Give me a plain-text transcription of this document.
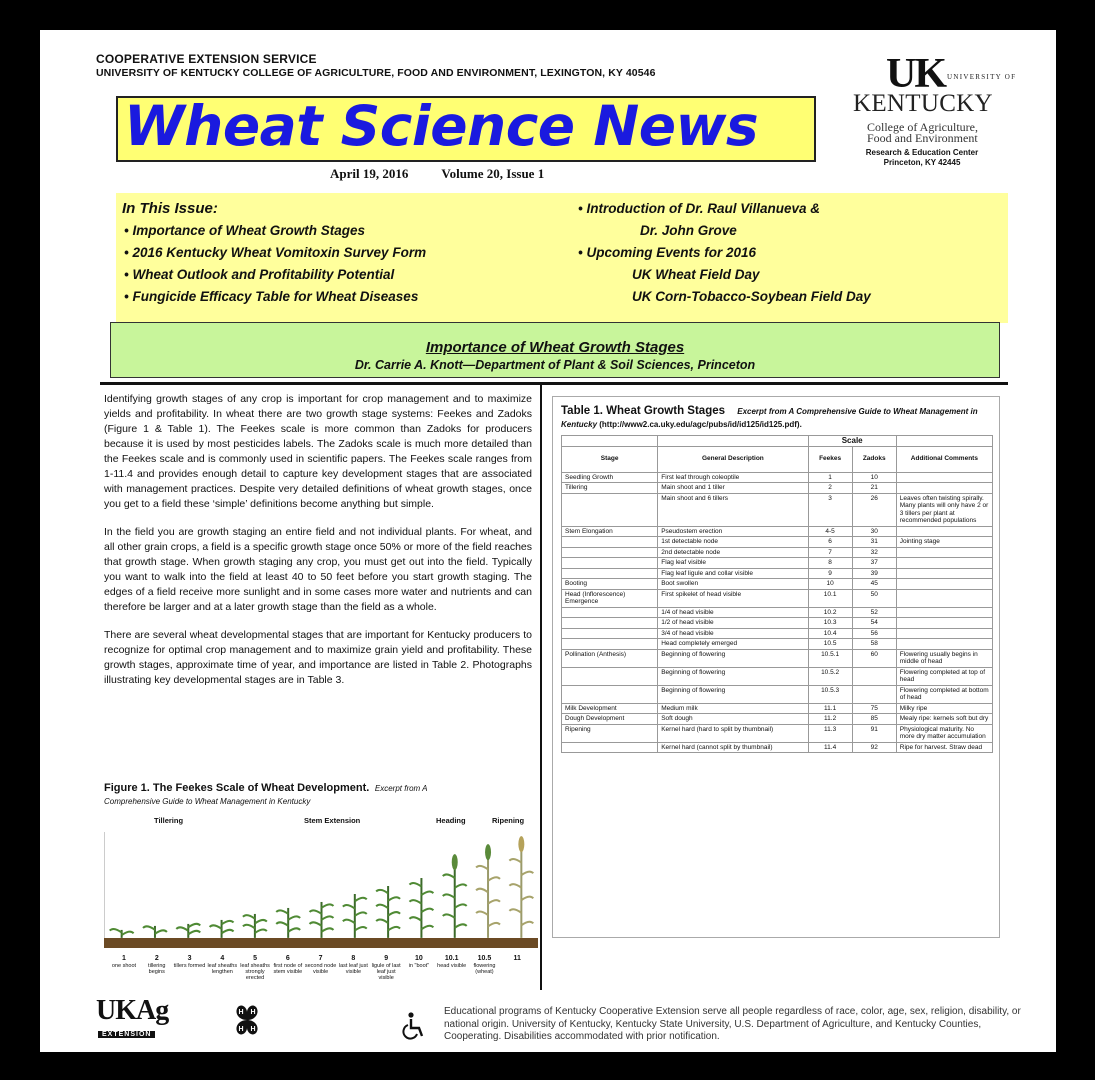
COOPERATIVE EXTENSION SERVICE
UNIVERSITY OF KENTUCKY COLLEGE OF AGRICULTURE, FOOD AND ENVIRONMENT, LEXINGTON, KY 40546
Wheat Science News
UK UNIVERSITY OF
KENTUCKY
College of Agriculture,
Food and Environment
Research & Education Center
Princeton, KY 42445
April 19, 2016	Volume 20, Issue 1
In This Issue:
• Importance of Wheat Growth Stages
• 2016 Kentucky Wheat Vomitoxin Survey Form
• Wheat Outlook and Profitability Potential
• Fungicide Efficacy Table for Wheat Diseases
• Introduction of Dr. Raul Villanueva &
Dr. John Grove
• Upcoming Events for 2016
UK Wheat Field Day
UK Corn-Tobacco-Soybean Field Day
Importance of Wheat Growth Stages
Dr. Carrie A. Knott—Department of Plant & Soil Sciences, Princeton

Identifying growth stages of any crop is important for crop management and to maximize yields and profitability. In wheat there are two growth stage systems: Feekes and Zadoks (Figure 1 & Table 1). The Feekes scale is more common than Zadoks for producers because it is used by most pesticides labels. The Zadoks scale is much more detailed than the Feekes scale and is commonly used in scientific papers. The Feekes scale ranges from 1-11.4 and provides enough detail to capture key development stages that are associated with management practices. Despite very detailed definitions of wheat growth stages, once you get to a field these ‘simple’ definitions become anything but simple.

In the field you are growth staging an entire field and not individual plants. For wheat, and all other grain crops, a field is a specific growth stage once 50% or more of the field reaches that growth stage. When growth staging any crop, you must get out into the field. Typically you want to walk into the field at least 40 to 50 feet before you start growth staging. The edges of a field receive more sunlight and in some cases more water and nutrients and can therefore be larger and at a later growth stage than the field as a whole.

There are several wheat developmental stages that are important for Kentucky producers to recognize for optimal crop management and to maximize grain yield and profitability. These growth stages, approximate time of year, and importance are listed in Table 2. Photographs illustrating key developmental stages are in Table 3.

Figure 1. The Feekes Scale of Wheat Development. Excerpt from A
Comprehensive Guide to Wheat Management in Kentucky
Tillering	Stem Extension	Heading	Ripening
1
one shoot
2
tillering begins
3
tillers formed
4
leaf sheaths lengthen
5
leaf sheaths strongly erected
6
first node of stem visible
7
second node visible
8
last leaf just visible
9
ligule of last leaf just visible
10
in "boot"
10.1
head visible
10.5
flowering (wheat)
11
Table 1. Wheat Growth Stages Excerpt from A Comprehensive Guide to Wheat Management in Kentucky (http://www2.ca.uky.edu/agc/pubs/id/id125/id125.pdf).
		Scale		
Stage	General Description	Feekes	Zadoks	Additional Comments
Seedling Growth	First leaf through coleoptile	1	10	
Tillering	Main shoot and 1 tiller	2	21	
	Main shoot and 6 tillers	3	26	Leaves often twisting spirally. Many plants will only have 2 or 3 tillers per plant at recommended populations
Stem Elongation	Pseudostem erection	4-5	30	
	1st detectable node	6	31	Jointing stage
	2nd detectable node	7	32	
	Flag leaf visible	8	37	
	Flag leaf ligule and collar visible	9	39	
Booting	Boot swollen	10	45	
Head (Inflorescence) Emergence	First spikelet of head visible	10.1	50	
	1/4 of head visible	10.2	52	
	1/2 of head visible	10.3	54	
	3/4 of head visible	10.4	56	
	Head completely emerged	10.5	58	
Pollination (Anthesis)	Beginning of flowering	10.5.1	60	Flowering usually begins in middle of head
	Beginning of flowering	10.5.2		Flowering completed at top of head
	Beginning of flowering	10.5.3		Flowering completed at bottom of head
Milk Development	Medium milk	11.1	75	Milky ripe
Dough Development	Soft dough	11.2	85	Mealy ripe: kernels soft but dry
Ripening	Kernel hard (hard to split by thumbnail)	11.3	91	Physiological maturity. No more dry matter accumulation
	Kernel hard (cannot split by thumbnail)	11.4	92	Ripe for harvest. Straw dead
UKAg
EXTENSION
H H
H H
Educational programs of Kentucky Cooperative Extension serve all people regardless of race, color, age, sex, religion, disability, or national origin. University of Kentucky, Kentucky State University, U.S. Department of Agriculture, and Kentucky Counties, Cooperating. Disabilities accommodated with prior notification.
